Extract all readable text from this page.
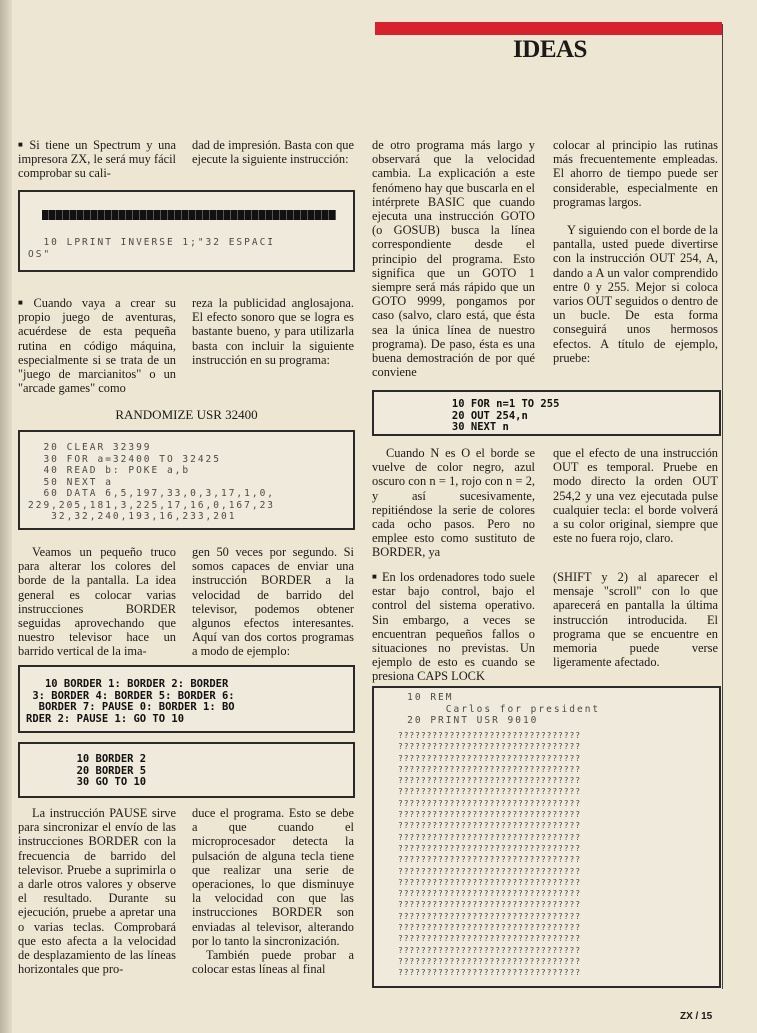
IDEAS

■ Si tiene un Spectrum y una impresora ZX, le será muy fácil comprobar su cali-

10 LPRINT INVERSE 1;"32 ESPACI
OS"

■ Cuando vaya a crear su propio juego de aventuras, acuérdese de esta pequeña rutina en código máquina, especialmente si se trata de un "juego de marcianitos" o un "arcade games" como

RANDOMIZE USR 32400
20 CLEAR 32399
30 FOR a=32400 TO 32425
40 READ b: POKE a,b
50 NEXT a
60 DATA 6,5,197,33,0,3,17,1,0,
229,205,181,3,225,17,16,0,167,23
32,32,240,193,16,233,201

Veamos un pequeño truco para alterar los colores del borde de la pantalla. La idea general es colocar varias instrucciones BORDER seguidas aprovechando que nuestro televisor hace un barrido vertical de la ima-

10 BORDER 1: BORDER 2: BORDER
3: BORDER 4: BORDER 5: BORDER 6:
BORDER 7: PAUSE 0: BORDER 1: BO
RDER 2: PAUSE 1: GO TO 10
10 BORDER 2
20 BORDER 5
30 GO TO 10

La instrucción PAUSE sirve para sincronizar el envío de las instrucciones BORDER con la frecuencia de barrido del televisor. Pruebe a suprimirla o a darle otros valores y observe el resultado. Durante su ejecución, pruebe a apretar una o varias teclas. Comprobará que esto afecta a la velocidad de desplazamiento de las líneas horizontales que pro-

dad de impresión. Basta con que ejecute la siguiente instrucción:

reza la publicidad anglosajona. El efecto sonoro que se logra es bastante bueno, y para utilizarla basta con incluir la siguiente instrucción en su programa:

gen 50 veces por segundo. Si somos capaces de enviar una instrucción BORDER a la velocidad de barrido del televisor, podemos obtener algunos efectos interesantes. Aquí van dos cortos programas a modo de ejemplo:

duce el programa. Esto se debe a que cuando el microprocesador detecta la pulsación de alguna tecla tiene que realizar una serie de operaciones, lo que disminuye la velocidad con que las instrucciones BORDER son enviadas al televisor, alterando por lo tanto la sincronización.

También puede probar a colocar estas líneas al final

de otro programa más largo y observará que la velocidad cambia. La explicación a este fenómeno hay que buscarla en el intérprete BASIC que cuando ejecuta una instrucción GOTO (o GOSUB) busca la línea correspondiente desde el principio del programa. Esto significa que un GOTO 1 siempre será más rápido que un GOTO 9999, pongamos por caso (salvo, claro está, que ésta sea la única línea de nuestro programa). De paso, ésta es una buena demostración de por qué conviene

10 FOR n=1 TO 255
20 OUT 254,n
30 NEXT n

Cuando N es O el borde se vuelve de color negro, azul oscuro con n = 1, rojo con n = 2, y así sucesivamente, repitiéndose la serie de colores cada ocho pasos. Pero no emplee esto como sustituto de BORDER, ya

■ En los ordenadores todo suele estar bajo control, bajo el control del sistema operativo. Sin embargo, a veces se encuentran pequeños fallos o situaciones no previstas. Un ejemplo de esto es cuando se presiona CAPS LOCK

colocar al principio las rutinas más frecuentemente empleadas. El ahorro de tiempo puede ser considerable, especialmente en programas largos.

Y siguiendo con el borde de la pantalla, usted puede divertirse con la instrucción OUT 254, A, dando a A un valor comprendido entre 0 y 255. Mejor si coloca varios OUT seguidos o dentro de un bucle. De esta forma conseguirá unos hermosos efectos. A título de ejemplo, pruebe:

que el efecto de una instrucción OUT es temporal. Pruebe en modo directo la orden OUT 254,2 y una vez ejecutada pulse cualquier tecla: el borde volverá a su color original, siempre que este no fuera rojo, claro.

(SHIFT y 2) al aparecer el mensaje "scroll" con lo que aparecerá en pantalla la última instrucción introducida. El programa que se encuentre en memoria puede verse ligeramente afectado.

10 REM
Carlos for president
20 PRINT USR 9010
????????????????????????????????
????????????????????????????????
????????????????????????????????
????????????????????????????????
????????????????????????????????
????????????????????????????????
????????????????????????????????
????????????????????????????????
????????????????????????????????
????????????????????????????????
????????????????????????????????
????????????????????????????????
????????????????????????????????
????????????????????????????????
????????????????????????????????
????????????????????????????????
????????????????????????????????
????????????????????????????????
????????????????????????????????
????????????????????????????????
????????????????????????????????
????????????????????????????????
ZX / 15
